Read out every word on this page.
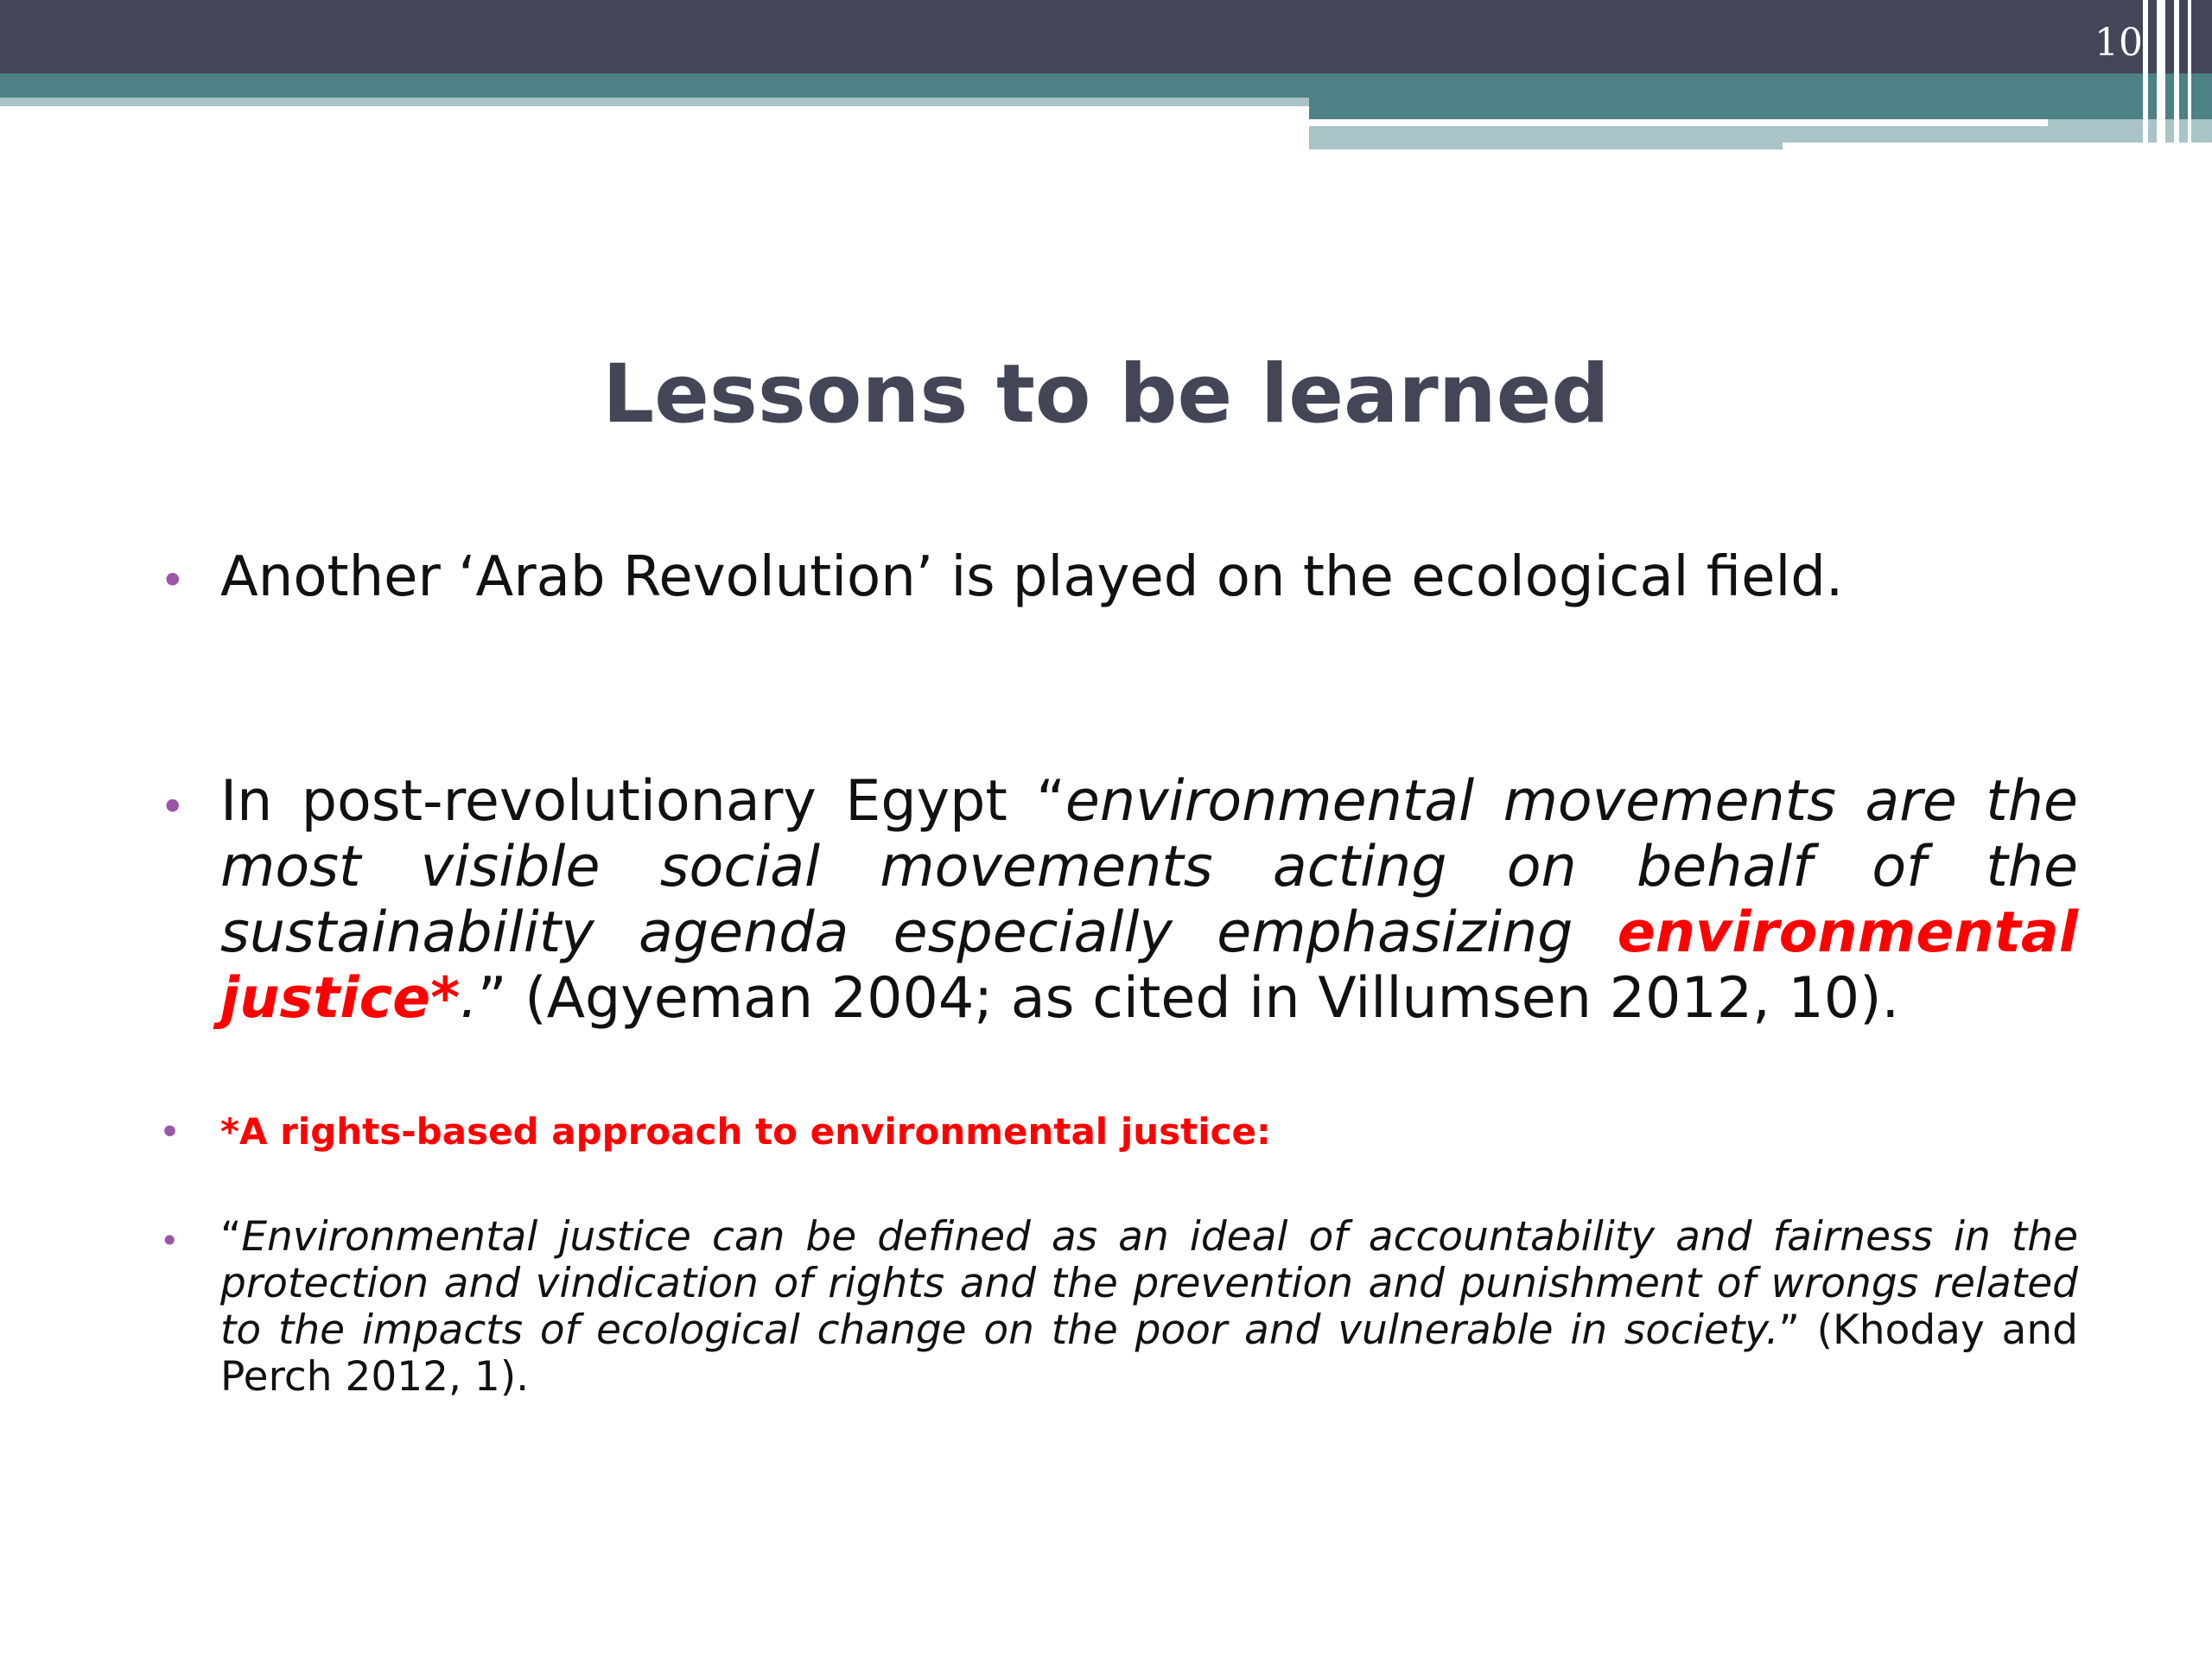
10
Lessons to be learned
• Another ‘Arab Revolution’ is played on the ecological field.
• In post-revolutionary Egypt “environmental movements are the most visible social movements acting on behalf of the sustainability agenda especially emphasizing environmental justice*.” (Agyeman 2004; as cited in Villumsen 2012, 10).
• *A rights-based approach to environmental justice:
• “Environmental justice can be defined as an ideal of accountability and fairness in the protection and vindication of rights and the prevention and punishment of wrongs related to the impacts of ecological change on the poor and vulnerable in society.” (Khoday and Perch 2012, 1).
